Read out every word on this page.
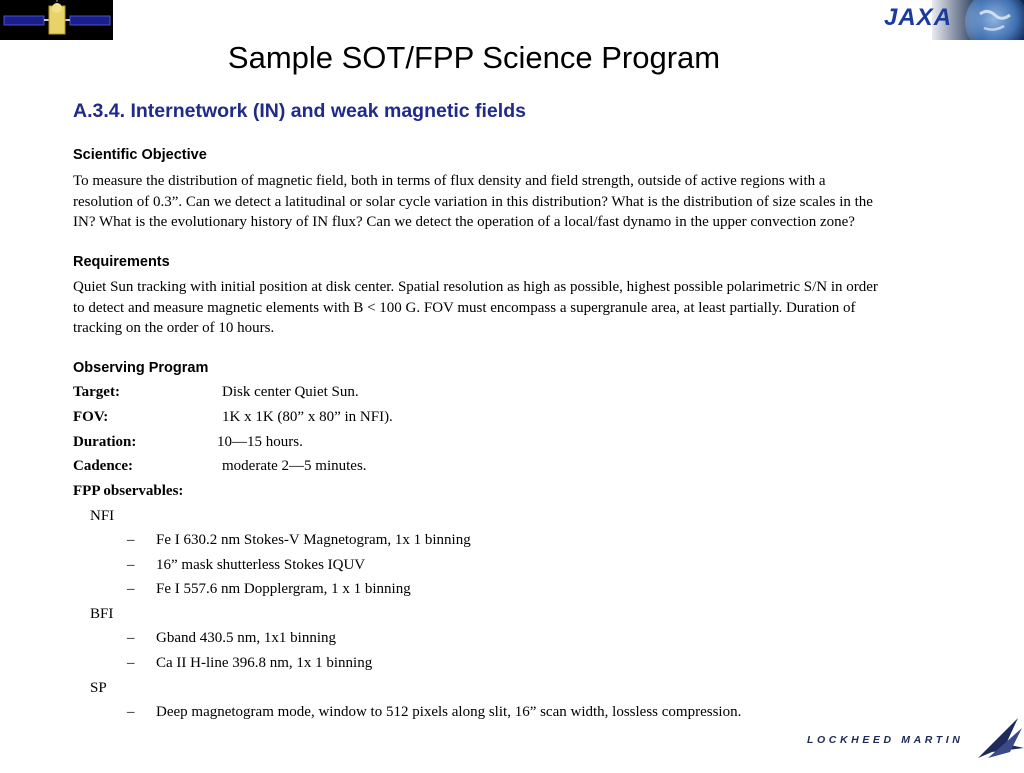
JAXA
Sample SOT/FPP Science Program
A.3.4. Internetwork (IN) and weak magnetic fields
Scientific Objective
To measure the distribution of magnetic field, both in terms of flux density and field strength, outside of active regions with a
resolution of 0.3”. Can we detect a latitudinal or solar cycle variation in this distribution? What is the distribution of size scales in the
IN? What is the evolutionary history of IN flux? Can we detect the operation of a local/fast dynamo in the upper convection zone?
Requirements
Quiet Sun tracking with initial position at disk center. Spatial resolution as high as possible, highest possible polarimetric S/N in order
to detect and measure magnetic elements with B < 100 G. FOV must encompass a supergranule area, at least partially. Duration of
tracking on the order of 10 hours.
Observing Program
Target:	Disk center Quiet Sun.
FOV:	1K x 1K (80” x 80” in NFI).
Duration:	10—15 hours.
Cadence:	moderate 2—5 minutes.
FPP observables:
NFI
– Fe I 630.2 nm Stokes-V Magnetogram, 1x 1 binning
– 16” mask shutterless Stokes IQUV
– Fe I 557.6 nm Dopplergram, 1 x 1 binning
BFI
– Gband 430.5 nm, 1x1 binning
– Ca II H-line 396.8 nm, 1x 1 binning
SP
– Deep magnetogram mode, window to 512 pixels along slit, 16” scan width, lossless compression.
LOCKHEED MARTIN
